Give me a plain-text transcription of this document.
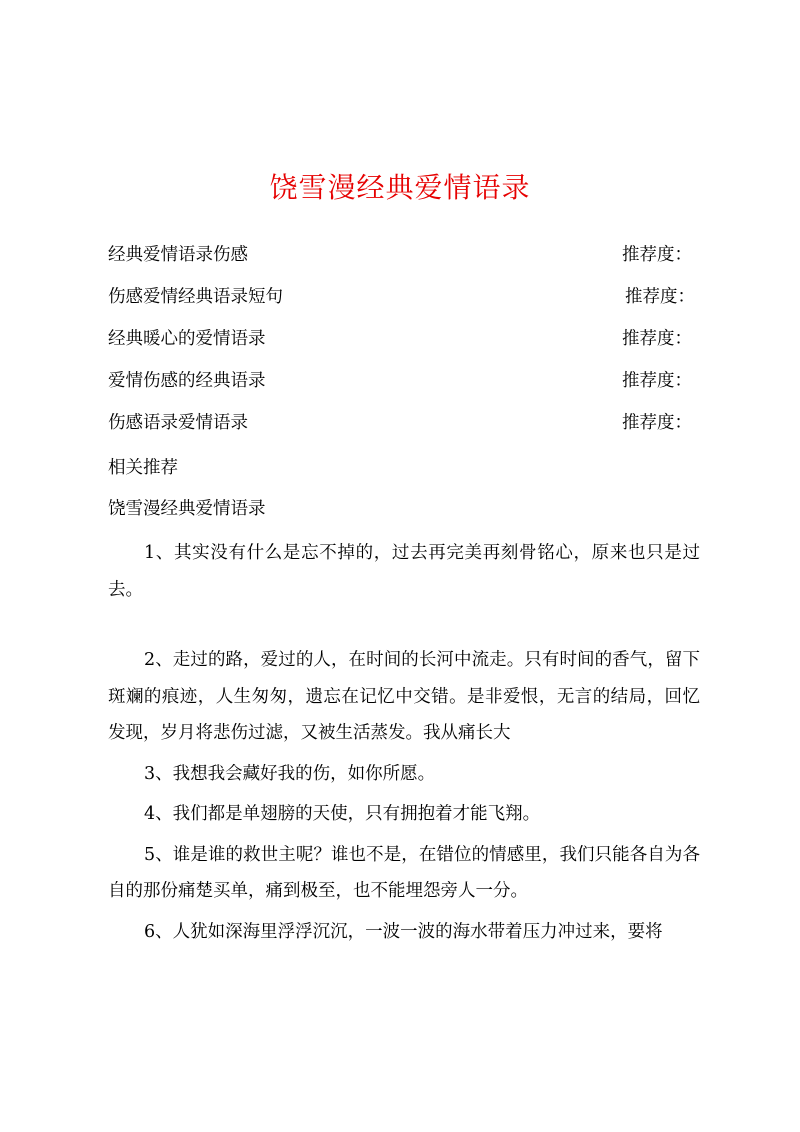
饶雪漫经典爱情语录
经典爱情语录伤感	推荐度：
伤感爱情经典语录短句	推荐度：
经典暖心的爱情语录	推荐度：
爱情伤感的经典语录	推荐度：
伤感语录爱情语录	推荐度：
相关推荐
饶雪漫经典爱情语录

1、其实没有什么是忘不掉的，过去再完美再刻骨铭心，原来也只是过去。

2、走过的路，爱过的人，在时间的长河中流走。只有时间的香气，留下斑斓的痕迹，人生匆匆，遗忘在记忆中交错。是非爱恨，无言的结局，回忆发现，岁月将悲伤过滤，又被生活蒸发。我从痛长大

3、我想我会藏好我的伤，如你所愿。

4、我们都是单翅膀的天使，只有拥抱着才能飞翔。

5、谁是谁的救世主呢？谁也不是，在错位的情感里，我们只能各自为各自的那份痛楚买单，痛到极至，也不能埋怨旁人一分。

6、人犹如深海里浮浮沉沉，一波一波的海水带着压力冲过来，要将
